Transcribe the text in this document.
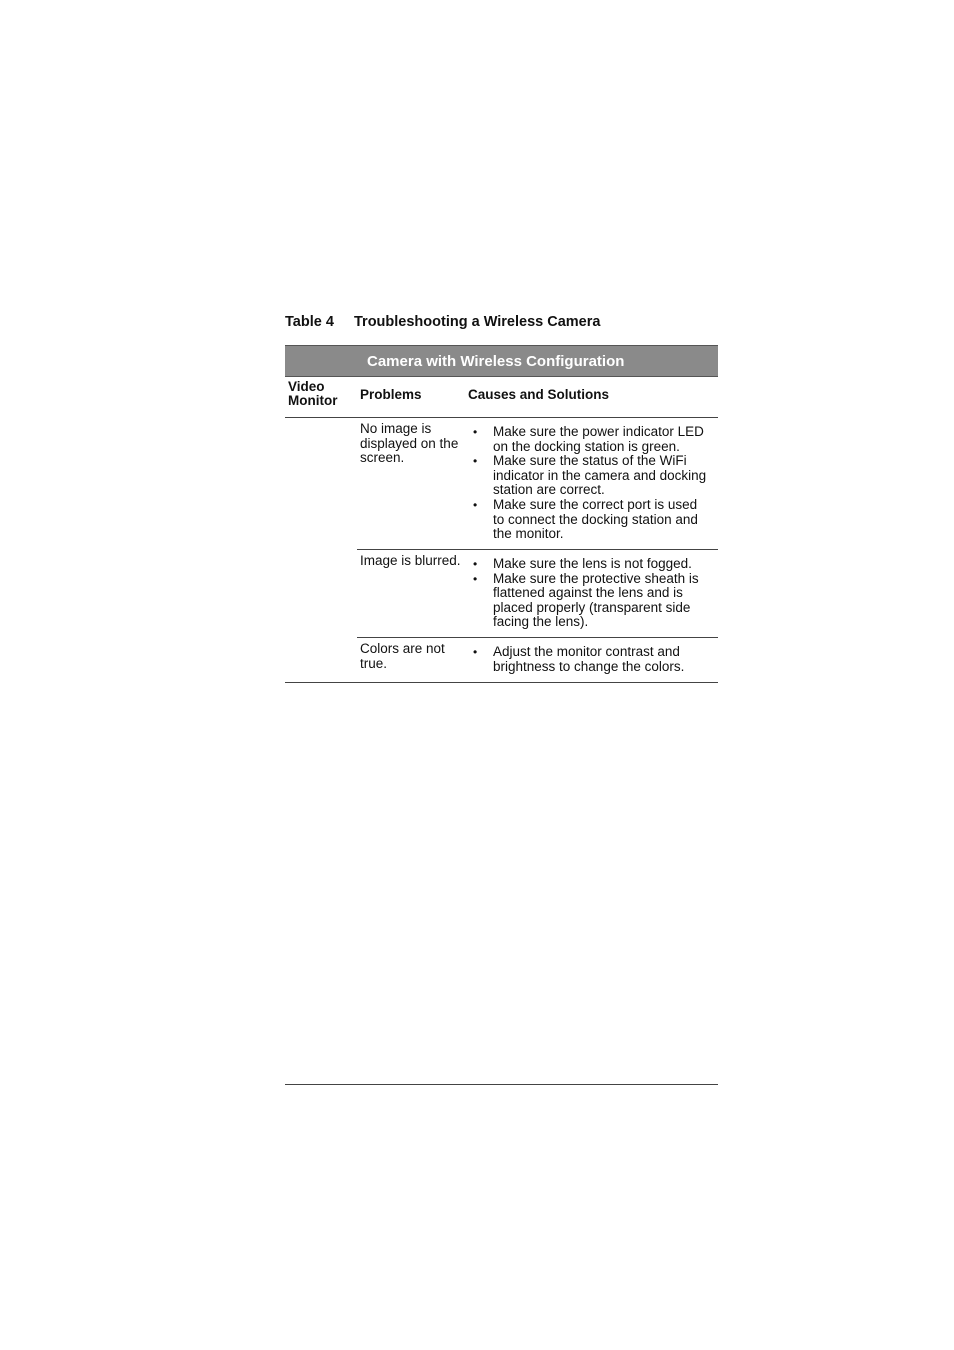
Table 4 Troubleshooting a Wireless Camera
Camera with Wireless Configuration
Video Monitor	Problems	Causes and Solutions
No image is displayed on the screen.
• Make sure the power indicator LED on the docking station is green.
• Make sure the status of the WiFi indicator in the camera and docking station are correct.
• Make sure the correct port is used to connect the docking station and the monitor.
Image is blurred.
•	Make sure the lens is not fogged.
• Make sure the protective sheath is flattened against the lens and is placed properly (transparent side facing the lens).
Colors are not true.
• Adjust the monitor contrast and brightness to change the colors.
